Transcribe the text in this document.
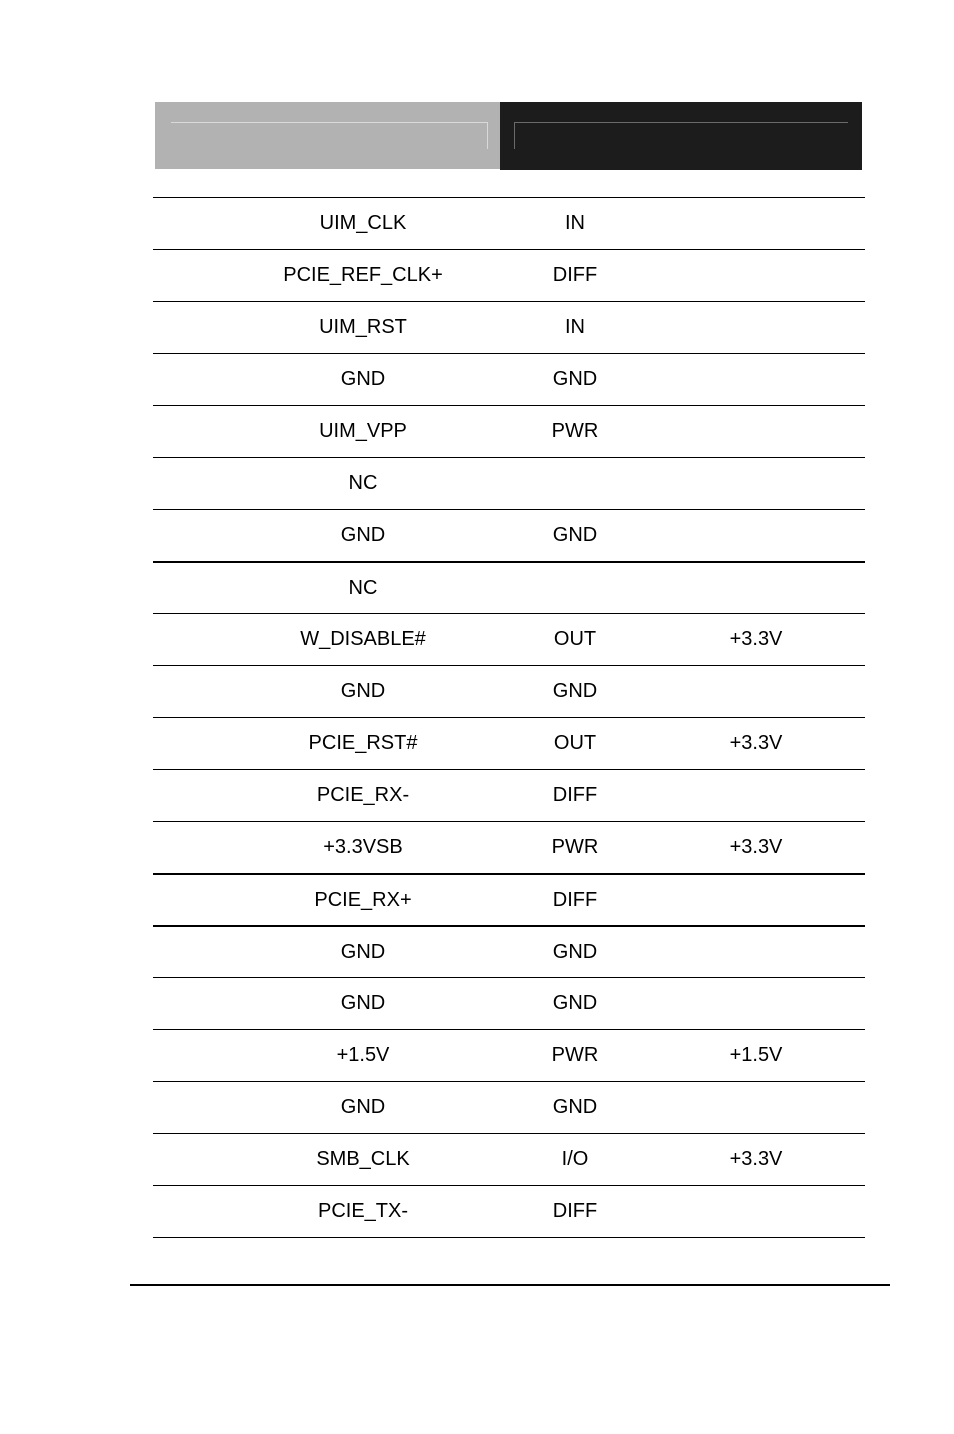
UIM_CLK	IN
PCIE_REF_CLK+	DIFF
UIM_RST	IN
GND	GND
UIM_VPP	PWR
NC
GND	GND
NC
W_DISABLE#	OUT	+3.3V
GND	GND
PCIE_RST#	OUT	+3.3V
PCIE_RX-	DIFF
+3.3VSB	PWR	+3.3V
PCIE_RX+	DIFF
GND	GND
GND	GND
+1.5V	PWR	+1.5V
GND	GND
SMB_CLK	I/O	+3.3V
PCIE_TX-	DIFF
